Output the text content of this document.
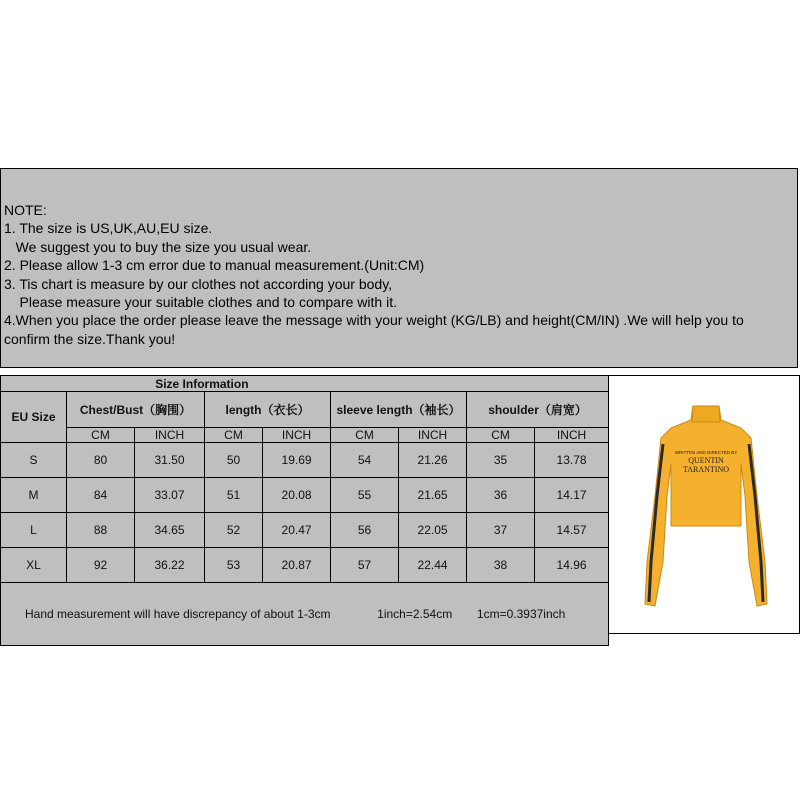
NOTE:
1. The size is US,UK,AU,EU size.
We suggest you to buy the size you usual wear.
2. Please allow 1-3 cm error due to manual measurement.(Unit:CM)
3. Tis chart is measure by our clothes not according your body,
Please measure your suitable clothes and to compare with it.
4.When you place the order please leave the message with your weight (KG/LB) and height(CM/IN) .We will help you to confirm the size.Thank you!
Size Information								
EU Size	Chest/Bust（胸围）		length（衣长）		sleeve length（袖长）		shoulder（肩宽）	
	CM	INCH	CM	INCH	CM	INCH	CM	INCH
S	80	31.50	50	19.69	54	21.26	35	13.78
M	84	33.07	51	20.08	55	21.65	36	14.17
L	88	34.65	52	20.47	56	22.05	37	14.57
XL	92	36.22	53	20.87	57	22.44	38	14.96
Hand measurement will have discrepancy of about 1-3cm 1inch=2.54cm 1cm=0.3937inch								
WRITTEN AND DIRECTED BY
QUENTIN
TARANTINO
